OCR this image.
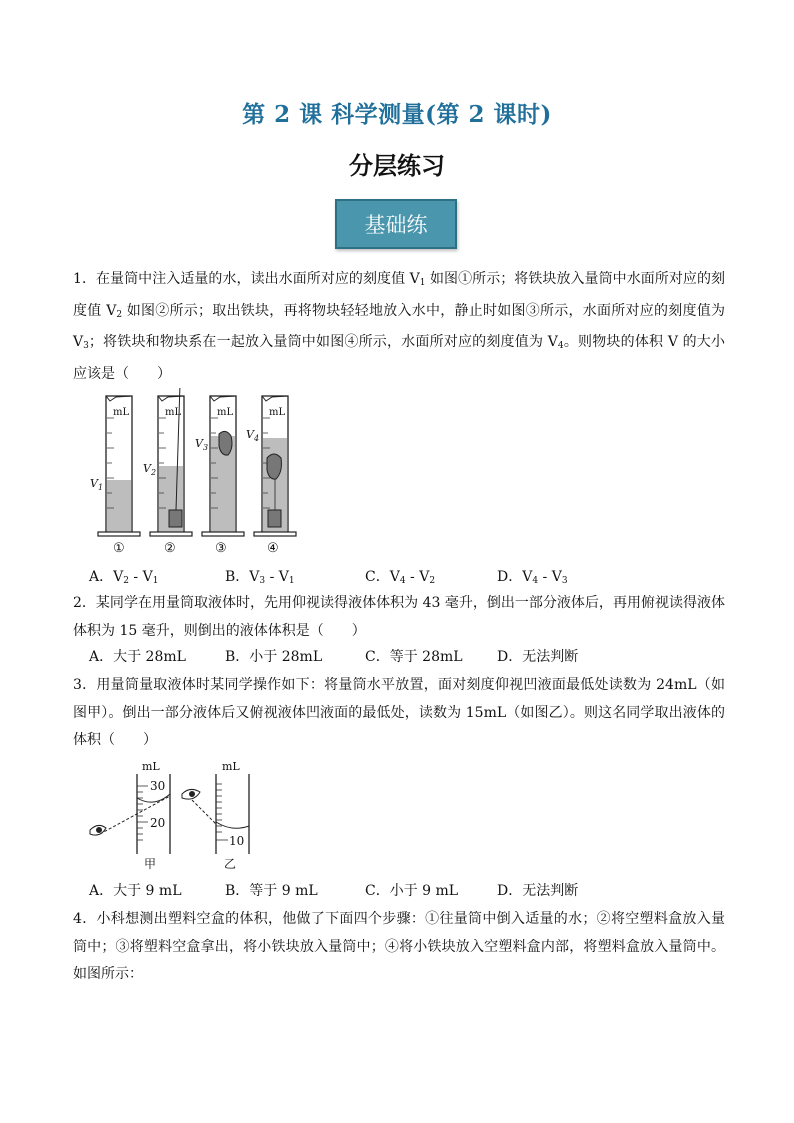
第 2 课 科学测量(第 2 课时)
分层练习
基础练
1．在量筒中注入适量的水，读出水面所对应的刻度值 $V_1$ 如图①所示；将铁块放入量筒中水面所对应的刻度值 $V_2$ 如图②所示；取出铁块，再将物块轻轻地放入水中，静止时如图③所示，水面所对应的刻度值为 $V_3$；将铁块和物块系在一起放入量筒中如图④所示，水面所对应的刻度值为 $V_4$。则物块的体积 V 的大小应该是（　　）
mL
$V_1$
①
mL
$V_2$
②
mL
$V_3$
③
mL
$V_4$
④
A．$V_2 - V_1$	B．$V_3 - V_1$	C．$V_4 - V_2$	D．$V_4 - V_3$
2．某同学在用量筒取液体时，先用仰视读得液体体积为 43 毫升，倒出一部分液体后，再用俯视读得液体体积为 15 毫升，则倒出的液体体积是（　　）
A．大于 28mL	B．小于 28mL	C．等于 28mL D．无法判断
3．用量筒量取液体时某同学操作如下：将量筒水平放置，面对刻度仰视凹液面最低处读数为 24mL（如图甲）。倒出一部分液体后又俯视液体凹液面的最低处，读数为 15mL（如图乙）。则这名同学取出液体的体积（　　）
mL
30
20
甲
mL
10
乙
A．大于 9 mL	B．等于 9 mL	C．小于 9 mL	D．无法判断
4．小科想测出塑料空盒的体积，他做了下面四个步骤：①往量筒中倒入适量的水；②将空塑料盒放入量筒中；③将塑料空盒拿出，将小铁块放入量筒中；④将小铁块放入空塑料盒内部，将塑料盒放入量筒中。如图所示：
